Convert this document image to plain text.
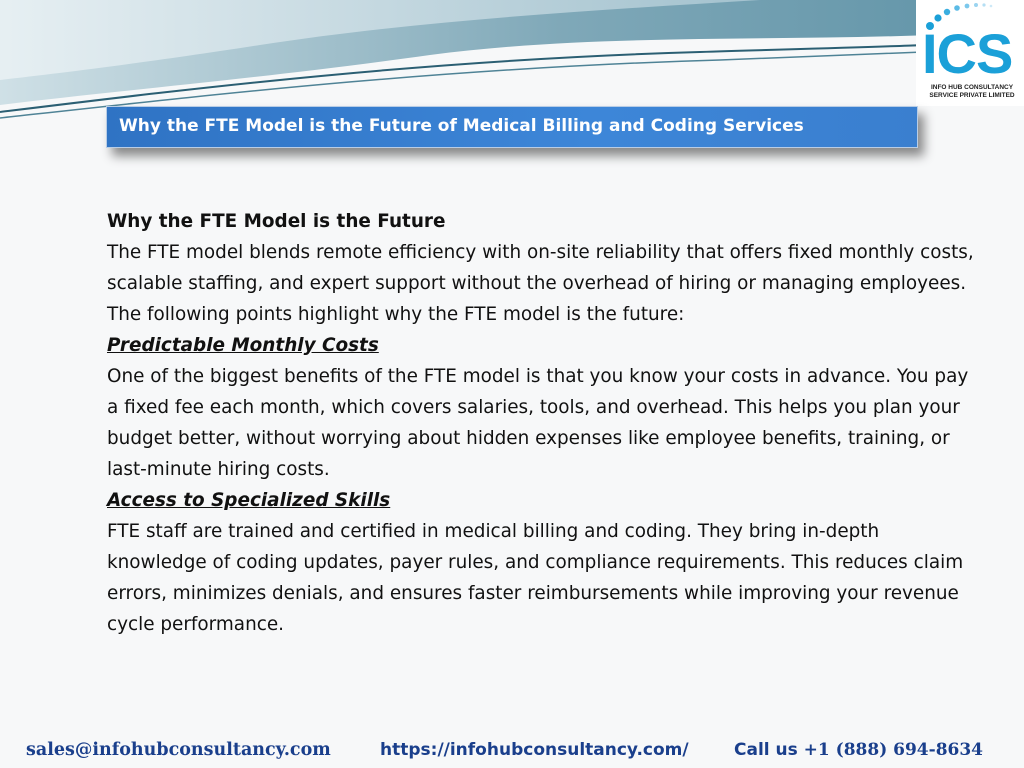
ICS
INFO HUB CONSULTANCY
SERVICE PRIVATE LIMITED
Why the FTE Model is the Future of Medical Billing and Coding Services

Why the FTE Model is the Future

The FTE model blends remote efficiency with on-site reliability that offers fixed monthly costs, scalable staffing, and expert support without the overhead of hiring or managing employees. The following points highlight why the FTE model is the future:

Predictable Monthly Costs

One of the biggest benefits of the FTE model is that you know your costs in advance. You pay a fixed fee each month, which covers salaries, tools, and overhead. This helps you plan your budget better, without worrying about hidden expenses like employee benefits, training, or last-minute hiring costs.

Access to Specialized Skills

FTE staff are trained and certified in medical billing and coding. They bring in-depth knowledge of coding updates, payer rules, and compliance requirements. This reduces claim errors, minimizes denials, and ensures faster reimbursements while improving your revenue cycle performance.

sales@infohubconsultancy.com	https://infohubconsultancy.com/	Call us +1 (888) 694-8634
